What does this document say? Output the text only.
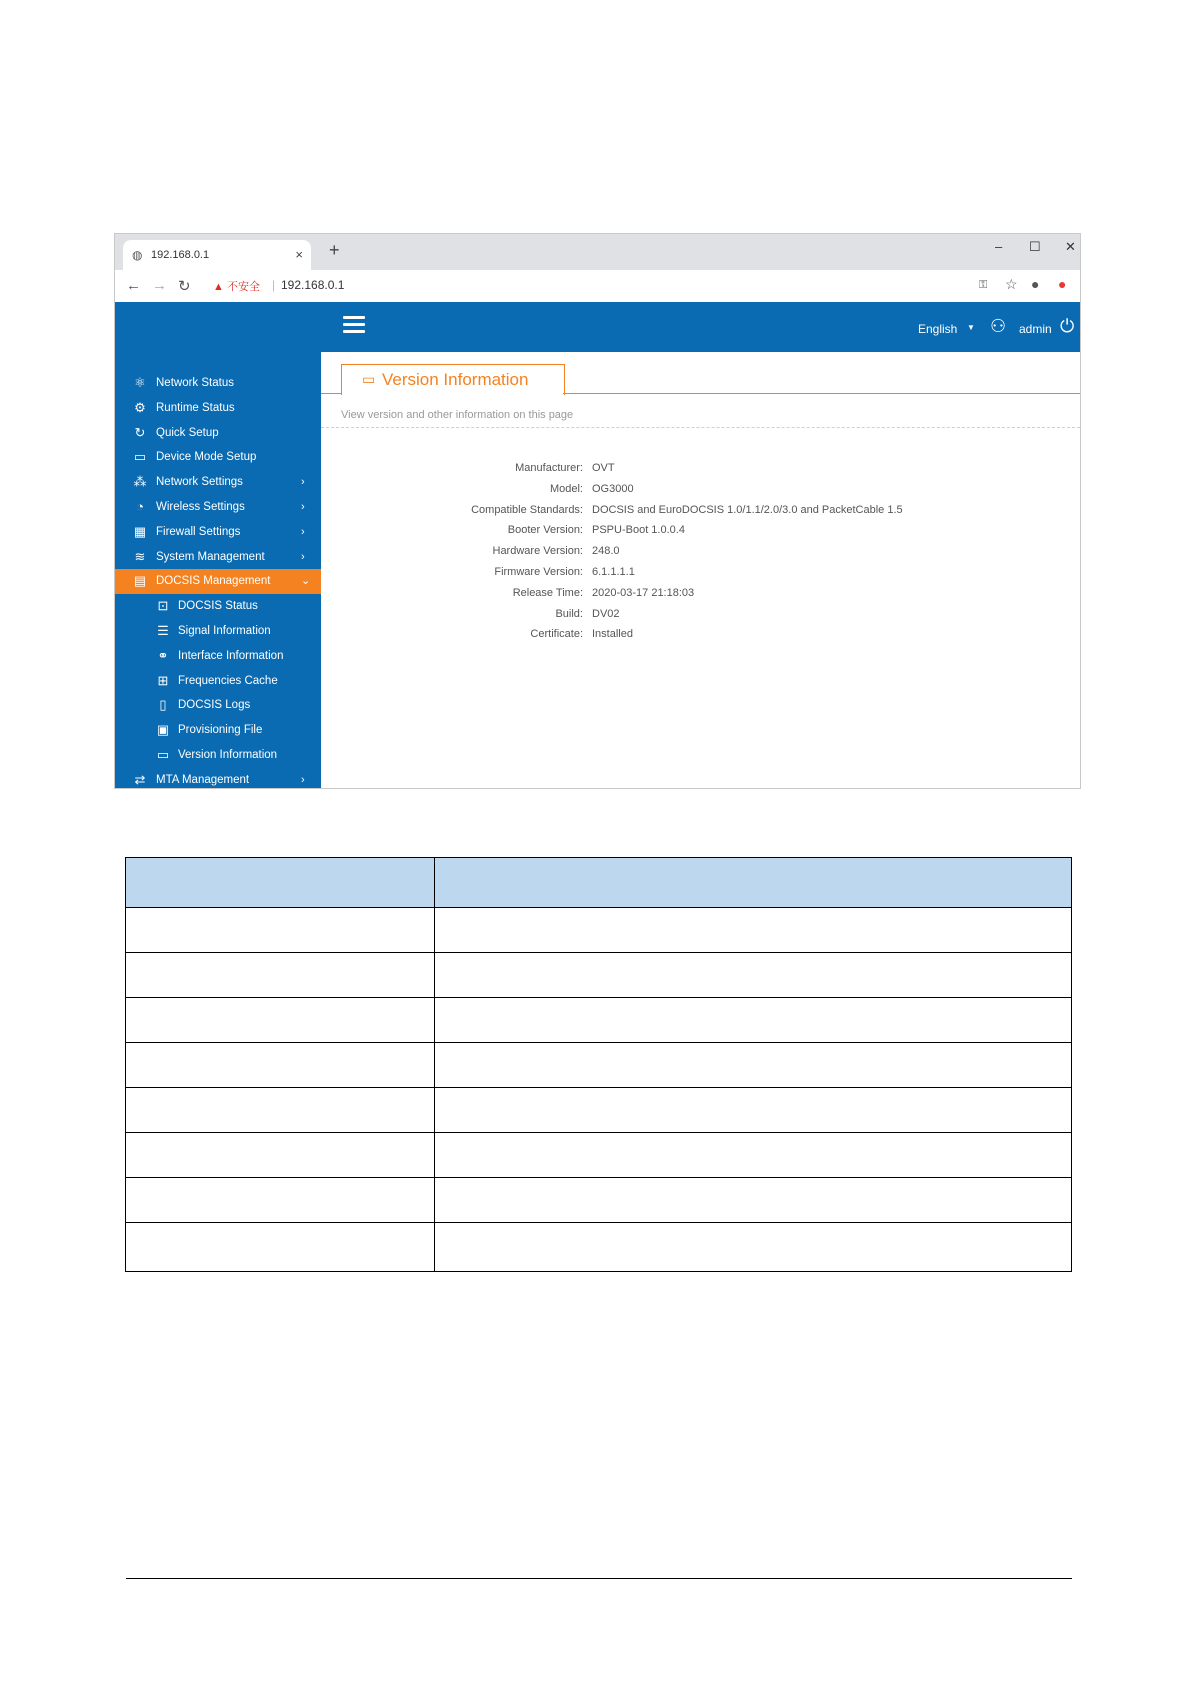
◍ 192.168.0.1	× +	– ☐ ✕
← → ↻ ▲ 不安全 | 192.168.0.1	⚿ ☆ ● ●
English ▼ ⚇ admin ⏻
⚛ Network Status
⚙ Runtime Status
↻ Quick Setup
▭ Device Mode Setup
⁂ Network Settings	›
◔	Wireless Settings	›
▦ Firewall Settings	›
≋ System Management	›
▤ DOCSIS Management	⌄
⊡ DOCSIS Status
☰ Signal Information
⚭ Interface Information
⊞ Frequencies Cache
▯ DOCSIS Logs
▣ Provisioning File
▭ Version Information
⇄ MTA Management	›
▭ Version Information
View version and other information on this page
Manufacturer: OVT
Model: OG3000
Compatible Standards: DOCSIS and EuroDOCSIS 1.0/1.1/2.0/3.0 and PacketCable 1.5
Booter Version: PSPU-Boot 1.0.0.4
Hardware Version: 248.0
Firmware Version: 6.1.1.1.1
Release Time: 2020-03-17 21:18:03
Build: DV02
Certificate: Installed
